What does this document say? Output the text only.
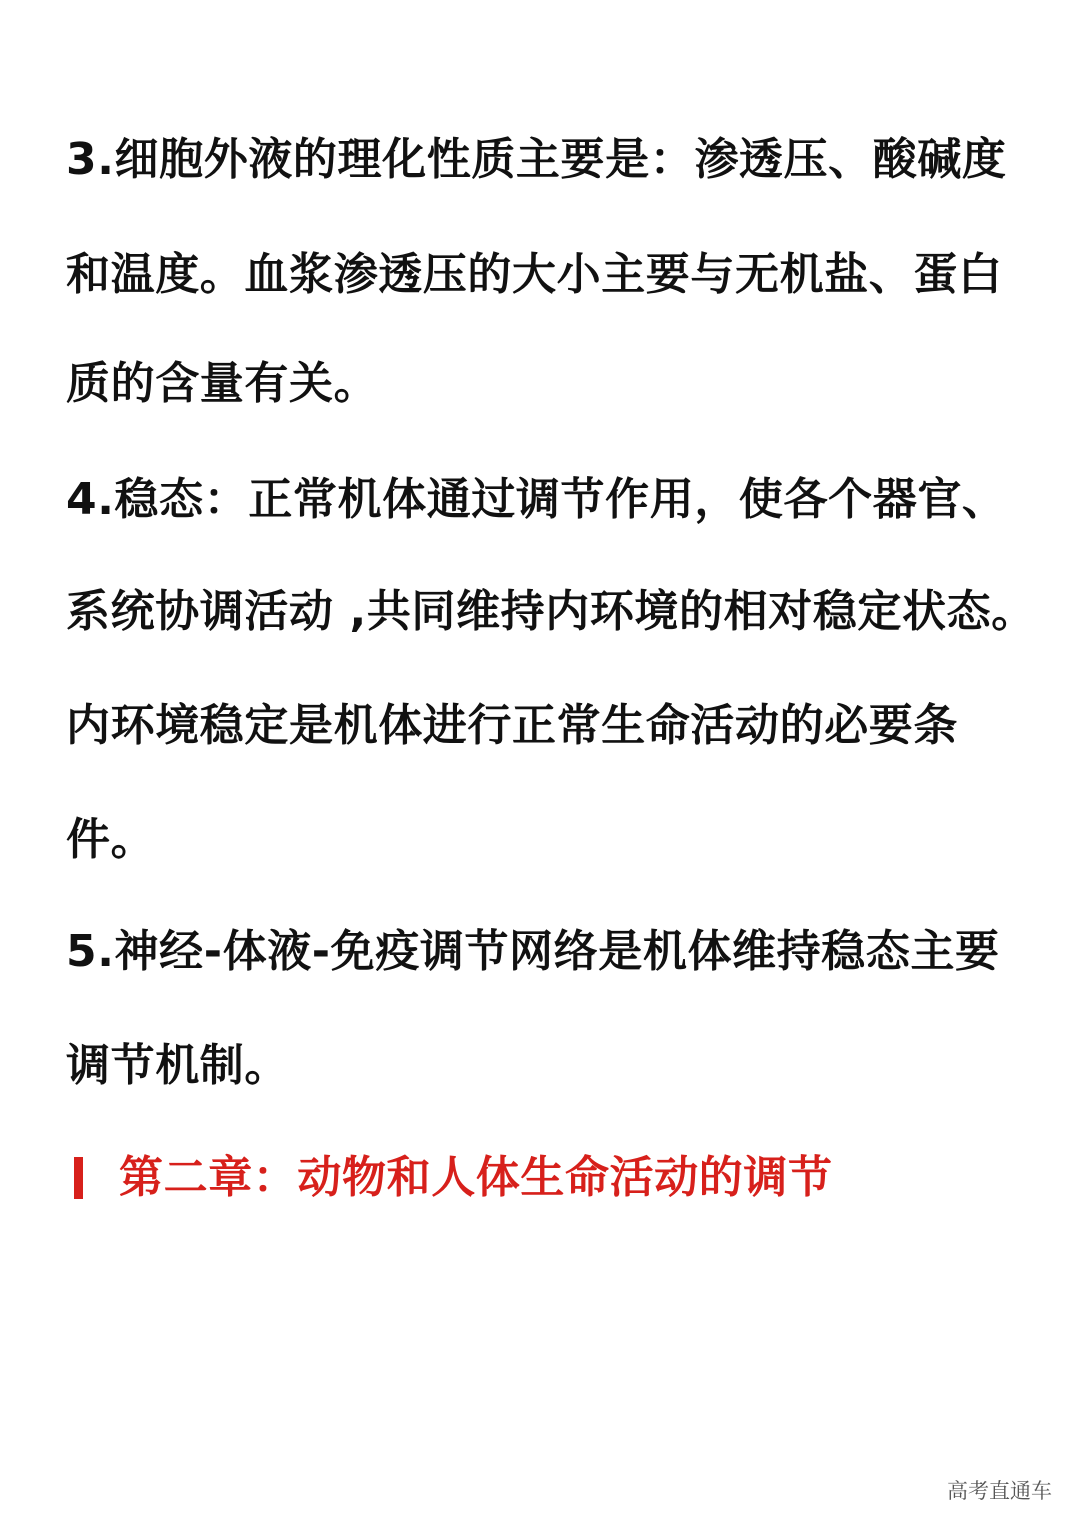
3.细胞外液的理化性质主要是：渗透压、酸碱度
和温度。血浆渗透压的大小主要与无机盐、蛋白
质的含量有关。
4.稳态：正常机体通过调节作用，使各个器官、
系统协调活动 ,共同维持内环境的相对稳定状态。
内环境稳定是机体进行正常生命活动的必要条
件。
5.神经-体液-免疫调节网络是机体维持稳态主要
调节机制。
第二章：动物和人体生命活动的调节
高考直通车
